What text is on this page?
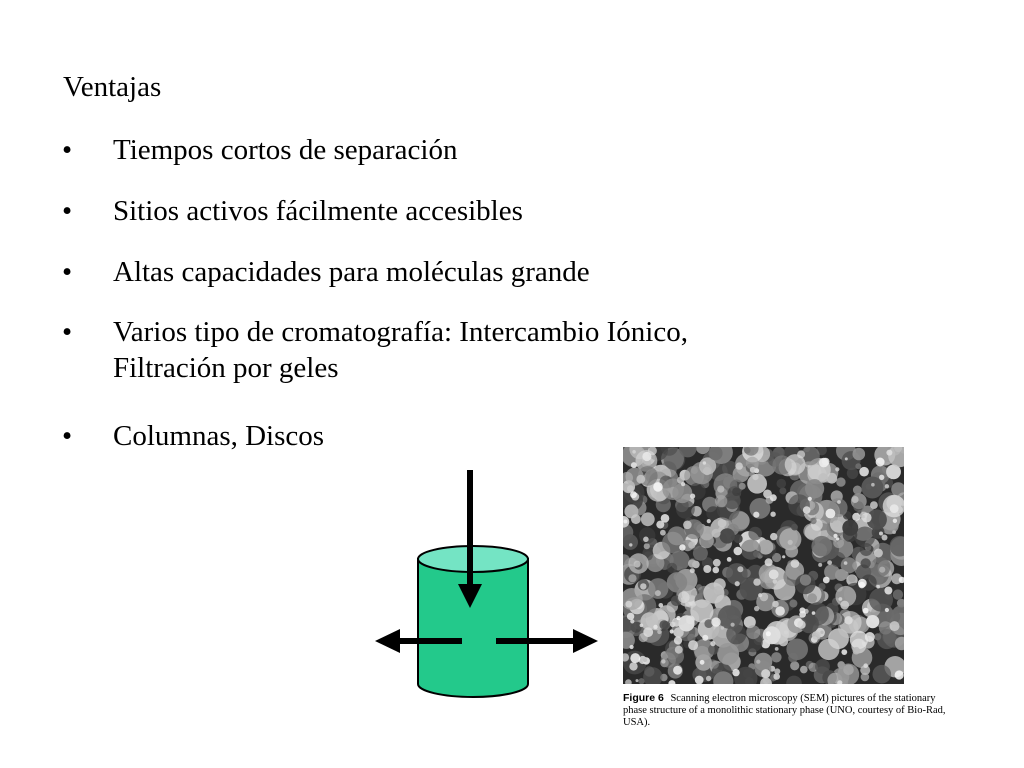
Ventajas
• Tiempos cortos de separación
• Sitios activos fácilmente accesibles
• Altas capacidades para moléculas grande
• Varios tipo de cromatografía: Intercambio Iónico,
Filtración por geles
• Columnas, Discos
Figure 6 Scanning electron microscopy (SEM) pictures of the stationary phase structure of a monolithic stationary phase (UNO, courtesy of Bio-Rad, USA).
